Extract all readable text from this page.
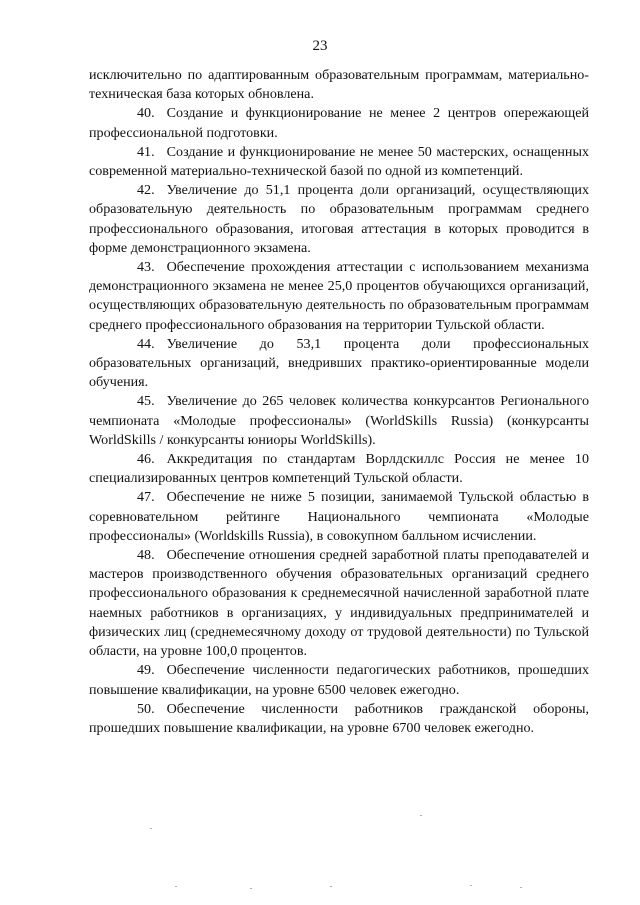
23

исключительно по адаптированным образовательным программам, материально-техническая база которых обновлена.

40. Создание и функционирование не менее 2 центров опережающей профессиональной подготовки.

41. Создание и функционирование не менее 50 мастерских, оснащенных современной материально-технической базой по одной из компетенций.

42. Увеличение до 51,1 процента доли организаций, осуществляющих образовательную деятельность по образовательным программам среднего профессионального образования, итоговая аттестация в которых проводится в форме демонстрационного экзамена.

43. Обеспечение прохождения аттестации с использованием механизма демонстрационного экзамена не менее 25,0 процентов обучающихся организаций, осуществляющих образовательную деятельность по образовательным программам среднего профессионального образования на территории Тульской области.

44. Увеличение до 53,1 процента доли профессиональных образовательных организаций, внедривших практико-ориентированные модели обучения.

45. Увеличение до 265 человек количества конкурсантов Регионального чемпионата «Молодые профессионалы» (WorldSkills Russia) (конкурсанты WorldSkills / конкурсанты юниоры WorldSkills).

46. Аккредитация по стандартам Ворлдскиллс Россия не менее 10 специализированных центров компетенций Тульской области.

47. Обеспечение не ниже 5 позиции, занимаемой Тульской областью в соревновательном рейтинге Национального чемпионата «Молодые профессионалы» (Worldskills Russia), в совокупном балльном исчислении.

48. Обеспечение отношения средней заработной платы преподавателей и мастеров производственного обучения образовательных организаций среднего профессионального образования к среднемесячной начисленной заработной плате наемных работников в организациях, у индивидуальных предпринимателей и физических лиц (среднемесячному доходу от трудовой деятельности) по Тульской области, на уровне 100,0 процентов.

49. Обеспечение численности педагогических работников, прошедших повышение квалификации, на уровне 6500 человек ежегодно.

50. Обеспечение численности работников гражданской обороны, прошедших повышение квалификации, на уровне 6700 человек ежегодно.
